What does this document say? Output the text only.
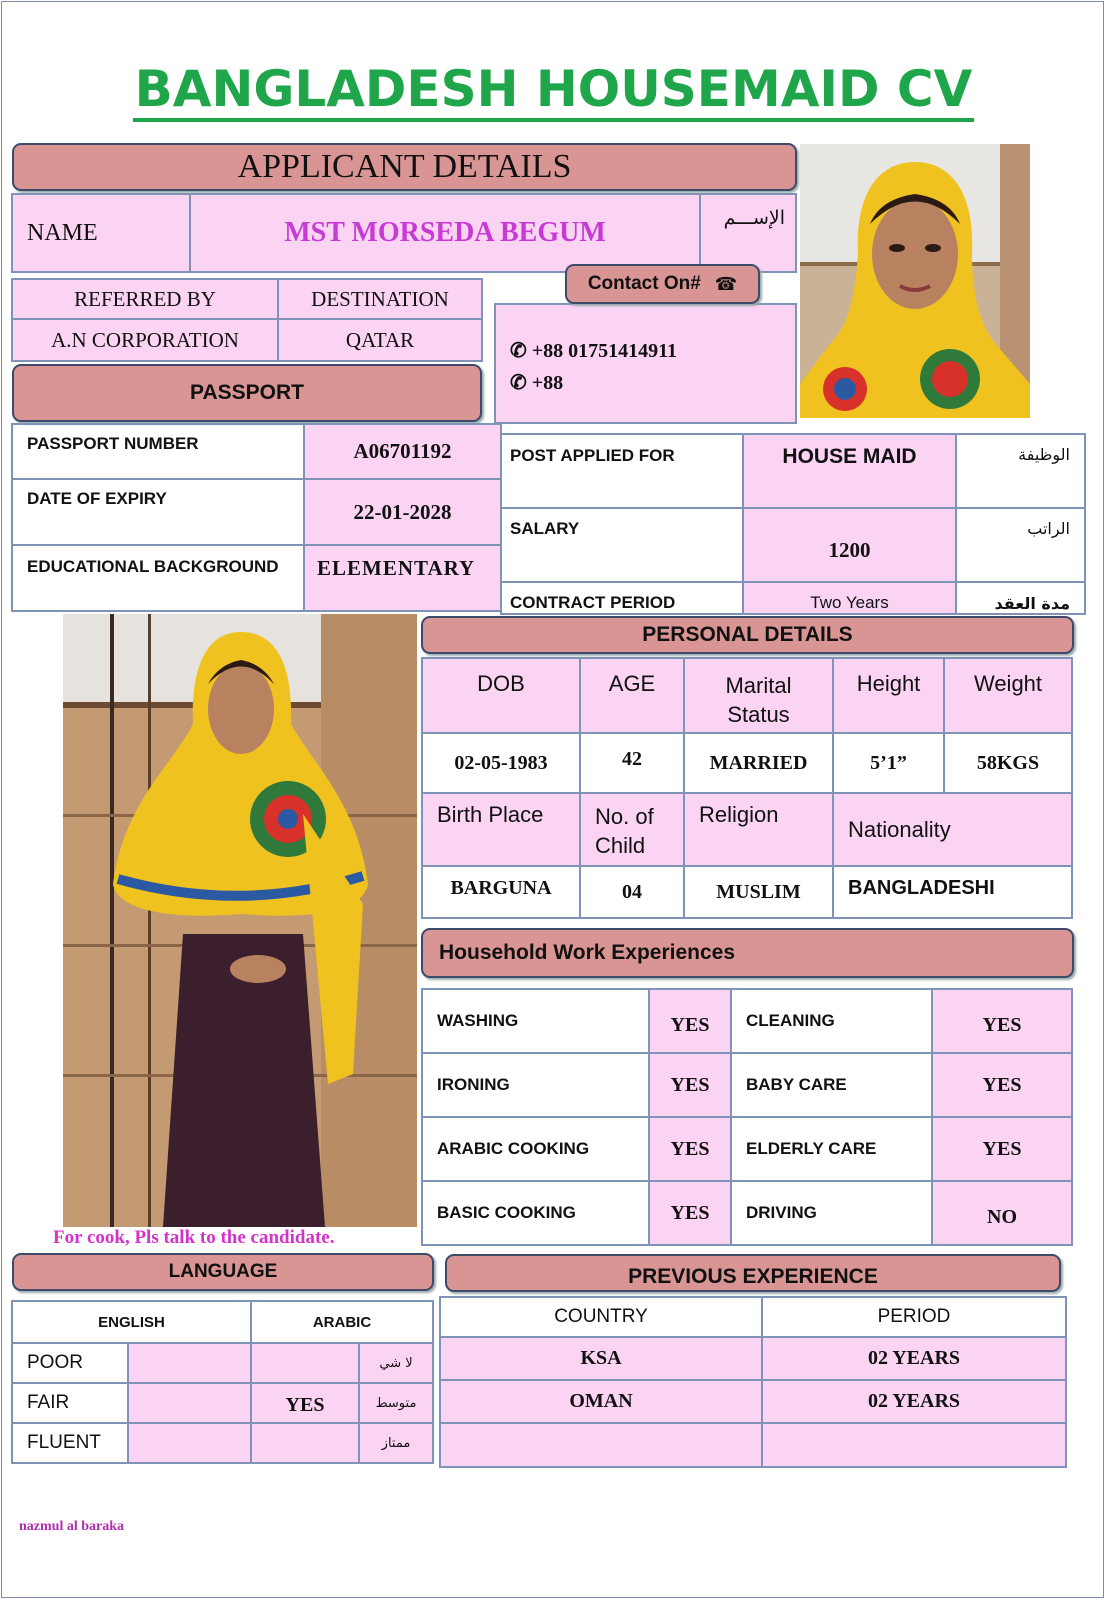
BANGLADESH HOUSEMAID CV
APPLICANT DETAILS
NAME	MST MORSEDA BEGUM	الإســـم
REFERRED BY	DESTINATION
A.N CORPORATION	QATAR
Contact On# ☎
✆ +88 01751414911
✆ +88
PASSPORT
PASSPORT NUMBER	A06701192
DATE OF EXPIRY	22-01-2028
EDUCATIONAL BACKGROUND	ELEMENTARY
POST APPLIED FOR	HOUSE MAID	الوظيفة
SALARY	1200	الراتب
CONTRACT PERIOD	Two Years	مدة العقد
For cook, Pls talk to the candidate.
PERSONAL DETAILS
DOB	AGE	Marital Status	Height	Weight
02-05-1983	42	MARRIED	5’1”	58KGS
Birth Place	No. of Child	Religion	Nationality	
BARGUNA	04	MUSLIM	BANGLADESHI	
Household Work Experiences
WASHING	YES	CLEANING	YES
IRONING	YES	BABY CARE	YES
ARABIC COOKING	YES	ELDERLY CARE	YES
BASIC COOKING	YES	DRIVING	NO
LANGUAGE
ENGLISH		ARABIC	
POOR			لا شي
FAIR		YES	متوسط
FLUENT			ممتاز
PREVIOUS EXPERIENCE
COUNTRY	PERIOD
KSA	02 YEARS
OMAN	02 YEARS

nazmul al baraka
